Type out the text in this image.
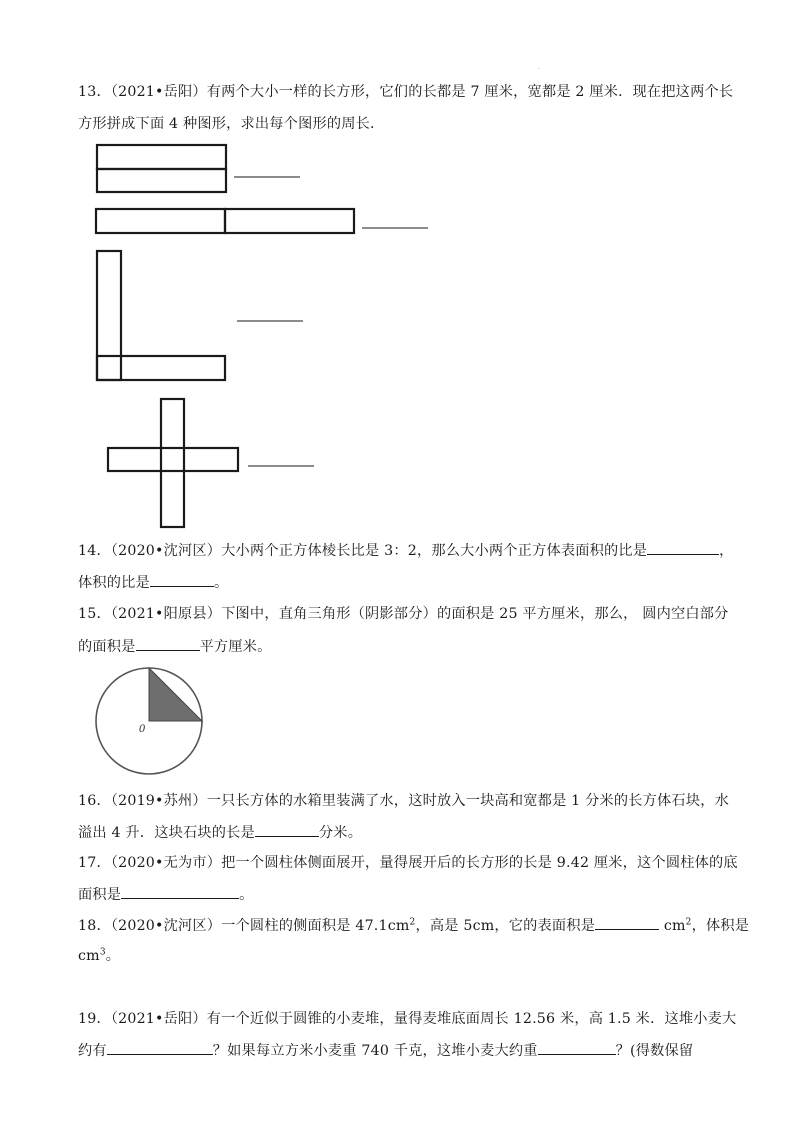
·
13．（2021•岳阳）有两个大小一样的长方形，它们的长都是 7 厘米，宽都是 2 厘米．现在把这两个长
方形拼成下面 4 种图形，求出每个图形的周长．
0
14．（2020•沈河区）大小两个正方体棱长比是 3：2，那么大小两个正方体表面积的比是	，
体积的比是	。
15．（2021•阳原县）下图中，直角三角形（阴影部分）的面积是 25 平方厘米，那么， 圆内空白部分
的面积是	平方厘米。
16．（2019•苏州）一只长方体的水箱里装满了水，这时放入一块高和宽都是 1 分米的长方体石块，水
溢出 4 升．这块石块的长是	分米。
17．（2020•无为市）把一个圆柱体侧面展开，量得展开后的长方形的长是 9.42 厘米，这个圆柱体的底
面积是	。
18．（2020•沈河区）一个圆柱的侧面积是 $47.1cm^2$，高是 5cm，它的表面积是	$cm^2$，体积是
$cm^3$。
19．（2021•岳阳）有一个近似于圆锥的小麦堆，量得麦堆底面周长 12.56 米，高 1.5 米．这堆小麦大
约有	？如果每立方米小麦重 740 千克，这堆小麦大约重	？(得数保留
